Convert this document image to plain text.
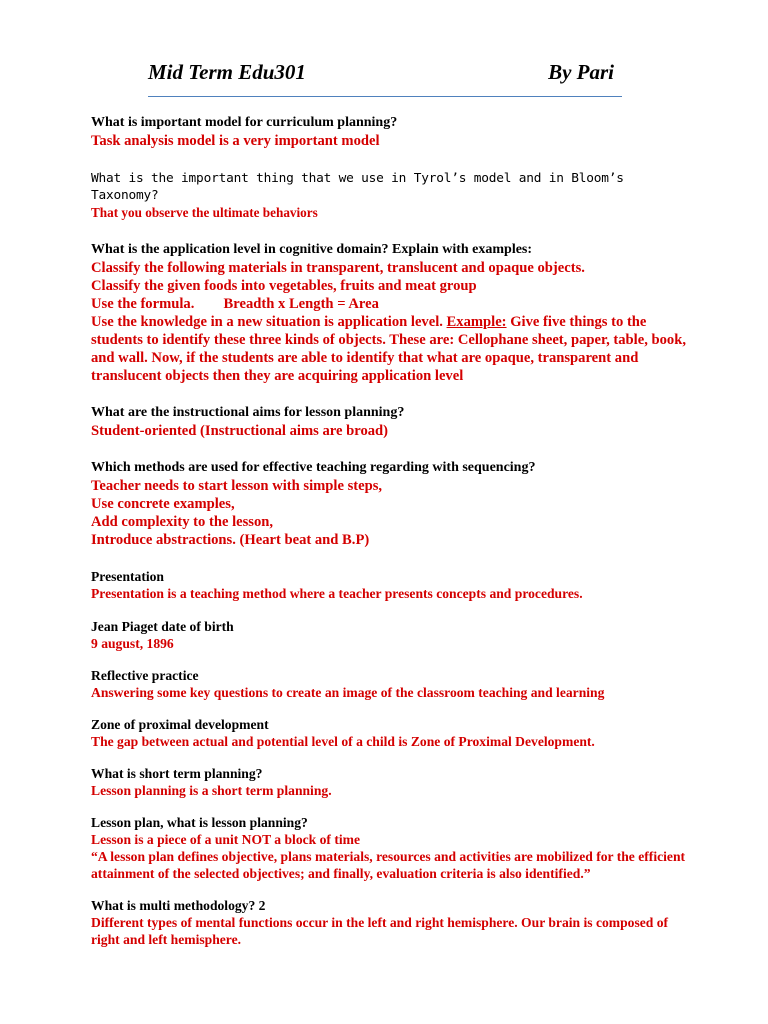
Mid Term Edu301	By Pari

What is important model for curriculum planning?

Task analysis model is a very important model

What is the important thing that we use in Tyrol’s model and in Bloom’s Taxonomy?

That you observe the ultimate behaviors

What is the application level in cognitive domain? Explain with examples:

Classify the following materials in transparent, translucent and opaque objects.

Classify the given foods into vegetables, fruits and meat group

Use the formula.        Breadth x Length = Area

Use the knowledge in a new situation is application level. Example: Give five things to the students to identify these three kinds of objects. These are: Cellophane sheet, paper, table, book, and wall. Now, if the students are able to identify that what are opaque, transparent and translucent objects then they are acquiring application level

What are the instructional aims for lesson planning?

Student-oriented (Instructional aims are broad)

Which methods are used for effective teaching regarding with sequencing?

Teacher needs to start lesson with simple steps,

Use concrete examples,

Add complexity to the lesson,

Introduce abstractions. (Heart beat and B.P)

Presentation

Presentation is a teaching method where a teacher presents concepts and procedures.

Jean Piaget date of birth

9 august, 1896

Reflective practice

Answering some key questions to create an image of the classroom teaching and learning

Zone of proximal development

The gap between actual and potential level of a child is Zone of Proximal Development.

What is short term planning?

Lesson planning is a short term planning.

Lesson plan, what is lesson planning?

Lesson is a piece of a unit NOT a block of time

“A lesson plan defines objective, plans materials, resources and activities are mobilized for the efficient attainment of the selected objectives; and finally, evaluation criteria is also identified.”

What is multi methodology? 2

Different types of mental functions occur in the left and right hemisphere. Our brain is composed of right and left hemisphere.
